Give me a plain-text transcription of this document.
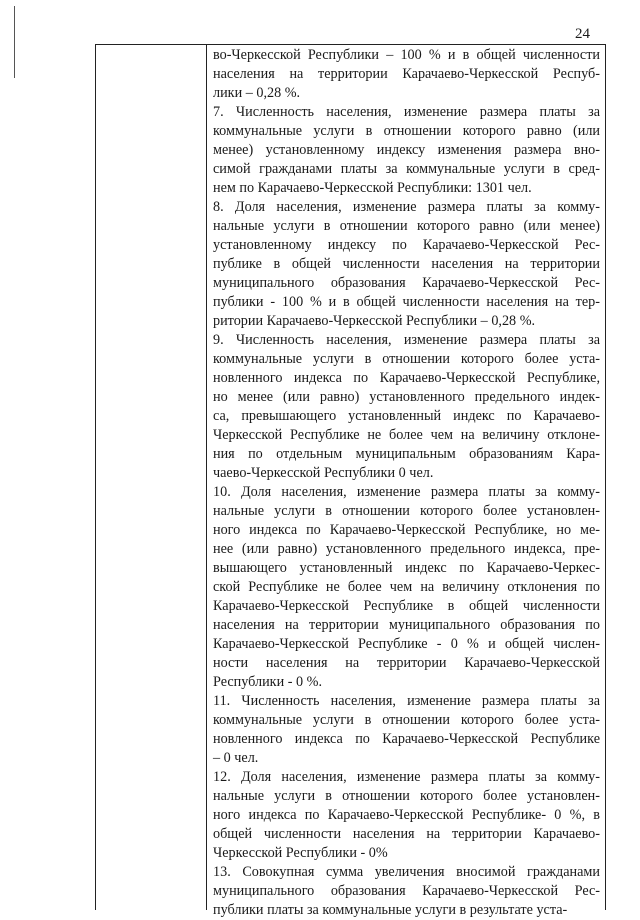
24
во-Черкесской Республики – 100 % и в общей численности
населения на территории Карачаево-Черкесской Респуб-
лики – 0,28 %.
7. Численность населения, изменение размера платы за
коммунальные услуги в отношении которого равно (или
менее) установленному индексу изменения размера вно-
симой гражданами платы за коммунальные услуги в сред-
нем по Карачаево-Черкесской Республики: 1301 чел.
8. Доля населения, изменение размера платы за комму-
нальные услуги в отношении которого равно (или менее)
установленному индексу по Карачаево-Черкесской Рес-
публике в общей численности населения на территории
муниципального образования Карачаево-Черкесской Рес-
публики - 100 % и в общей численности населения на тер-
ритории Карачаево-Черкесской Республики – 0,28 %.
9. Численность населения, изменение размера платы за
коммунальные услуги в отношении которого более уста-
новленного индекса по Карачаево-Черкесской Республике,
но менее (или равно) установленного предельного индек-
са, превышающего установленный индекс по Карачаево-
Черкесской Республике не более чем на величину отклоне-
ния по отдельным муниципальным образованиям Кара-
чаево-Черкесской Республики 0 чел.
10. Доля населения, изменение размера платы за комму-
нальные услуги в отношении которого более установлен-
ного индекса по Карачаево-Черкесской Республике, но ме-
нее (или равно) установленного предельного индекса, пре-
вышающего установленный индекс по Карачаево-Черкес-
ской Республике не более чем на величину отклонения по
Карачаево-Черкесской Республике в общей численности
населения на территории муниципального образования по
Карачаево-Черкесской Республике - 0 % и общей числен-
ности населения на территории Карачаево-Черкесской
Республики - 0 %.
11. Численность населения, изменение размера платы за
коммунальные услуги в отношении которого более уста-
новленного индекса по Карачаево-Черкесской Республике
– 0 чел.
12. Доля населения, изменение размера платы за комму-
нальные услуги в отношении которого более установлен-
ного индекса по Карачаево-Черкесской Республике- 0 %, в
общей численности населения на территории Карачаево-
Черкесской Республики - 0%
13. Совокупная сумма увеличения вносимой гражданами
муниципального образования Карачаево-Черкесской Рес-
публики платы за коммунальные услуги в результате уста-
